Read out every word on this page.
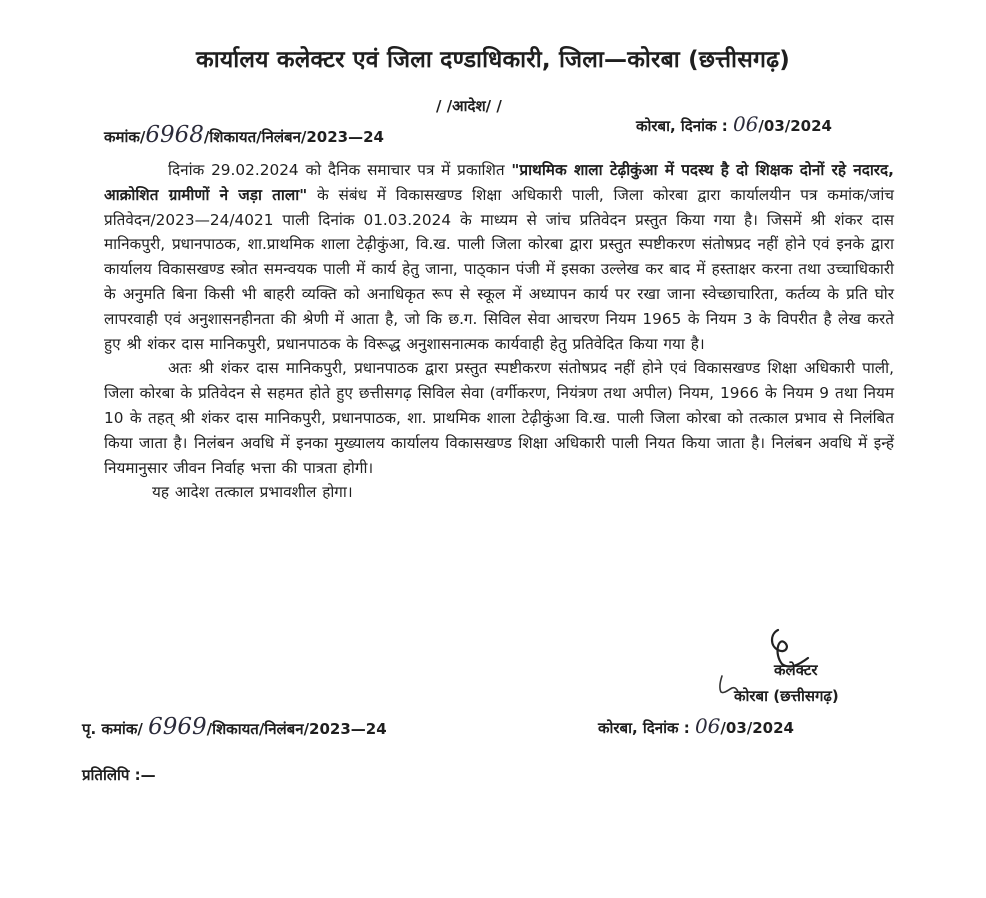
कार्यालय कलेक्टर एवं जिला दण्डाधिकारी, जिला—कोरबा (छत्तीसगढ़)
/ /आदेश/ /
कमांक/6968/शिकायत/निलंबन/2023—24
कोरबा, दिनांक : 06/03/2024

दिनांक 29.02.2024 को दैनिक समाचार पत्र में प्रकाशित "प्राथमिक शाला टेढ़ीकुंआ में पदस्थ है दो शिक्षक दोनों रहे नदारद, आक्रोशित ग्रामीणों ने जड़ा ताला" के संबंध में विकासखण्ड शिक्षा अधिकारी पाली, जिला कोरबा द्वारा कार्यालयीन पत्र कमांक/जांच प्रतिवेदन/2023—24/4021 पाली दिनांक 01.03.2024 के माध्यम से जांच प्रतिवेदन प्रस्तुत किया गया है। जिसमें श्री शंकर दास मानिकपुरी, प्रधानपाठक, शा.प्राथमिक शाला टेढ़ीकुंआ, वि.ख. पाली जिला कोरबा द्वारा प्रस्तुत स्पष्टीकरण संतोषप्रद नहीं होने एवं इनके द्वारा कार्यालय विकासखण्ड स्त्रोत समन्वयक पाली में कार्य हेतु जाना, पाठ्कान पंजी में इसका उल्लेख कर बाद में हस्ताक्षर करना तथा उच्चाधिकारी के अनुमति बिना किसी भी बाहरी व्यक्ति को अनाधिकृत रूप से स्कूल में अध्यापन कार्य पर रखा जाना स्वेच्छाचारिता, कर्तव्य के प्रति घोर लापरवाही एवं अनुशासनहीनता की श्रेणी में आता है, जो कि छ.ग. सिविल सेवा आचरण नियम 1965 के नियम 3 के विपरीत है लेख करते हुए श्री शंकर दास मानिकपुरी, प्रधानपाठक के विरूद्ध अनुशासनात्मक कार्यवाही हेतु प्रतिवेदित किया गया है।

अतः श्री शंकर दास मानिकपुरी, प्रधानपाठक द्वारा प्रस्तुत स्पष्टीकरण संतोषप्रद नहीं होने एवं विकासखण्ड शिक्षा अधिकारी पाली, जिला कोरबा के प्रतिवेदन से सहमत होते हुए छत्तीसगढ़ सिविल सेवा (वर्गीकरण, नियंत्रण तथा अपील) नियम, 1966 के नियम 9 तथा नियम 10 के तहत् श्री शंकर दास मानिकपुरी, प्रधानपाठक, शा. प्राथमिक शाला टेढ़ीकुंआ वि.ख. पाली जिला कोरबा को तत्काल प्रभाव से निलंबित किया जाता है। निलंबन अवधि में इनका मुख्यालय कार्यालय विकासखण्ड शिक्षा अधिकारी पाली नियत किया जाता है। निलंबन अवधि में इन्हें नियमानुसार जीवन निर्वाह भत्ता की पात्रता होगी।

यह आदेश तत्काल प्रभावशील होगा।

कलेक्टर
कोरबा (छत्तीसगढ़)
पृ. कमांक/ 6969/शिकायत/निलंबन/2023—24	कोरबा, दिनांक : 06/03/2024
प्रतिलिपि :—
